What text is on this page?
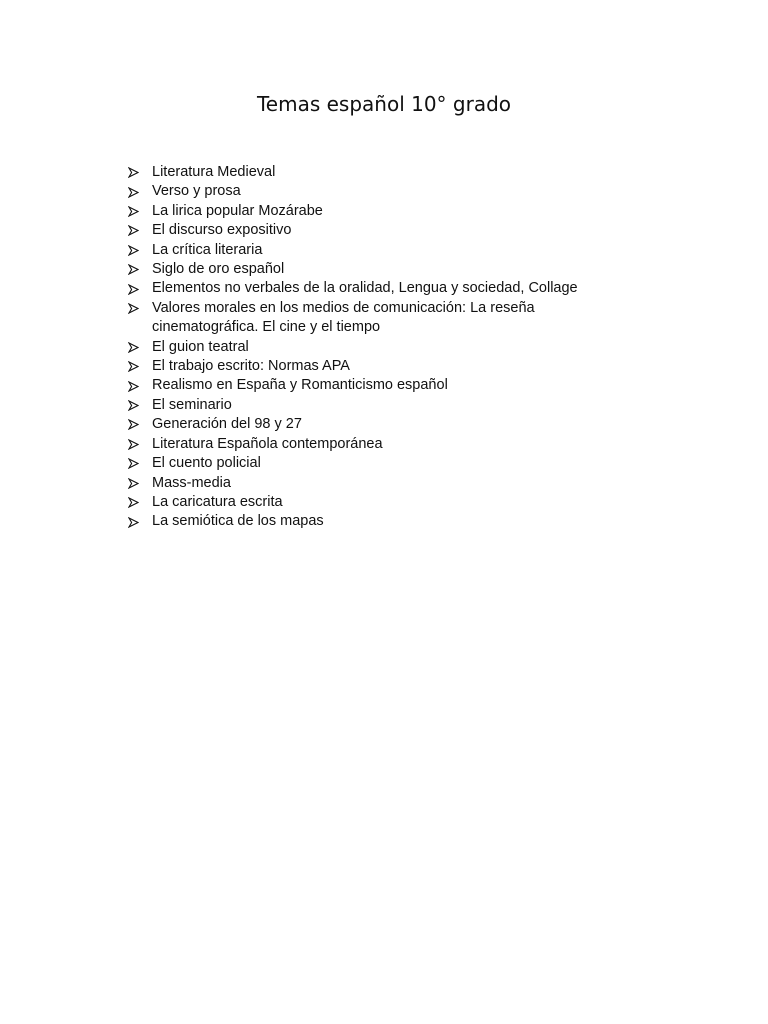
Temas español 10° grado
Literatura Medieval
Verso y prosa
La lirica popular Mozárabe
El discurso expositivo
La crítica literaria
Siglo de oro español
Elementos no verbales de la oralidad, Lengua y sociedad, Collage
Valores morales en los medios de comunicación: La reseña cinematográfica. El cine y el tiempo
El guion teatral
El trabajo escrito: Normas APA
Realismo en España y Romanticismo español
El seminario
Generación del 98 y 27
Literatura Española contemporánea
El cuento policial
Mass-media
La caricatura escrita
La semiótica de los mapas
